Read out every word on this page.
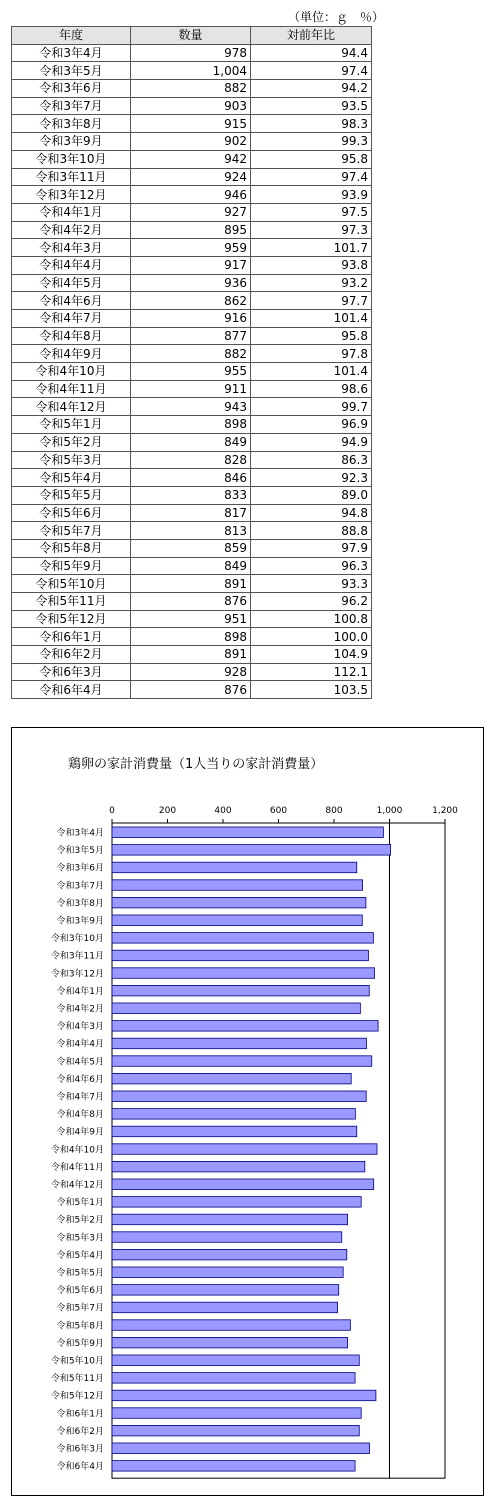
（単位：ｇ　％）
年度	数量	対前年比
令和3年4月	978	94.4
令和3年5月	1,004	97.4
令和3年6月	882	94.2
令和3年7月	903	93.5
令和3年8月	915	98.3
令和3年9月	902	99.3
令和3年10月	942	95.8
令和3年11月	924	97.4
令和3年12月	946	93.9
令和4年1月	927	97.5
令和4年2月	895	97.3
令和4年3月	959	101.7
令和4年4月	917	93.8
令和4年5月	936	93.2
令和4年6月	862	97.7
令和4年7月	916	101.4
令和4年8月	877	95.8
令和4年9月	882	97.8
令和4年10月	955	101.4
令和4年11月	911	98.6
令和4年12月	943	99.7
令和5年1月	898	96.9
令和5年2月	849	94.9
令和5年3月	828	86.3
令和5年4月	846	92.3
令和5年5月	833	89.0
令和5年6月	817	94.8
令和5年7月	813	88.8
令和5年8月	859	97.9
令和5年9月	849	96.3
令和5年10月	891	93.3
令和5年11月	876	96.2
令和5年12月	951	100.8
令和6年1月	898	100.0
令和6年2月	891	104.9
令和6年3月	928	112.1
令和6年4月	876	103.5
鶏卵の家計消費量（1人当りの家計消費量）
0	200	400	600	800	1,000	1,200
令和3年4月
令和3年5月
令和3年6月
令和3年7月
令和3年8月
令和3年9月
令和3年10月
令和3年11月
令和3年12月
令和4年1月
令和4年2月
令和4年3月
令和4年4月
令和4年5月
令和4年6月
令和4年7月
令和4年8月
令和4年9月
令和4年10月
令和4年11月
令和4年12月
令和5年1月
令和5年2月
令和5年3月
令和5年4月
令和5年5月
令和5年6月
令和5年7月
令和5年8月
令和5年9月
令和5年10月
令和5年11月
令和5年12月
令和6年1月
令和6年2月
令和6年3月
令和6年4月
